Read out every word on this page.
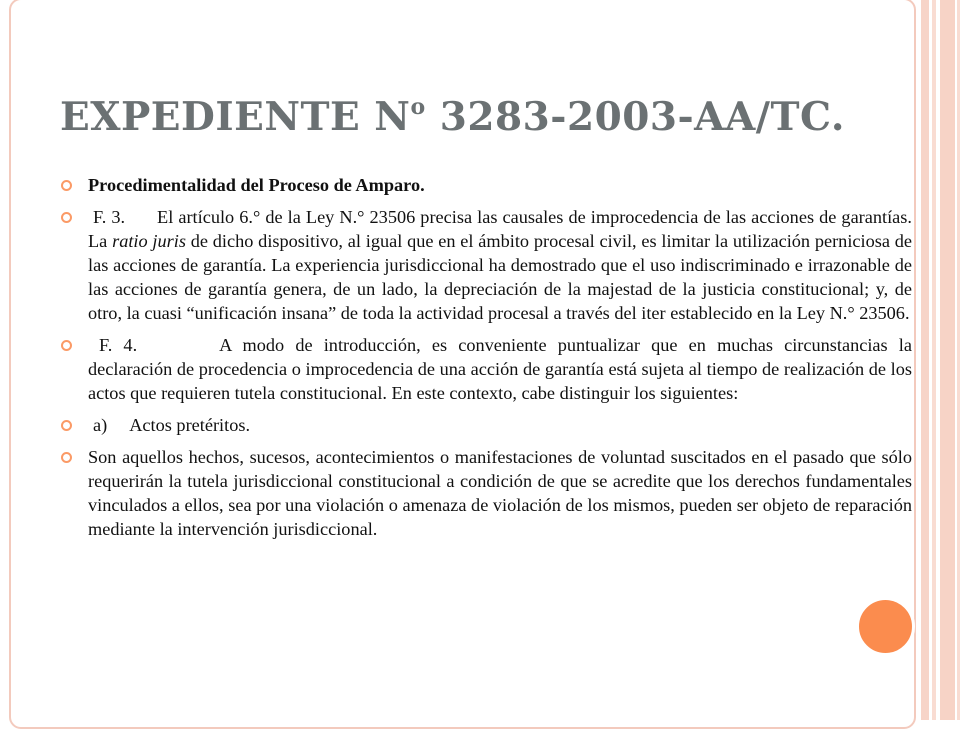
EXPEDIENTE $N^o$ 3283-2003-AA/TC.
Procedimentalidad del Proceso de Amparo.
F. 3. El artículo 6.° de la Ley N.° 23506 precisa las causales de improcedencia de las acciones de garantías. La ratio juris de dicho dispositivo, al igual que en el ámbito procesal civil, es limitar la utilización perniciosa de las acciones de garantía. La experiencia jurisdiccional ha demostrado que el uso indiscriminado e irrazonable de las acciones de garantía genera, de un lado, la depreciación de la majestad de la justicia constitucional; y, de otro, la cuasi “unificación insana” de toda la actividad procesal a través del iter establecido en la Ley N.° 23506.
F. 4.	A modo de introducción, es conveniente puntualizar que en muchas circunstancias la declaración de procedencia o improcedencia de una acción de garantía está sujeta al tiempo de realización de los actos que requieren tutela constitucional. En este contexto, cabe distinguir los siguientes:
a) Actos pretéritos.
Son aquellos hechos, sucesos, acontecimientos o manifestaciones de voluntad suscitados en el pasado que sólo requerirán la tutela jurisdiccional constitucional a condición de que se acredite que los derechos fundamentales vinculados a ellos, sea por una violación o amenaza de violación de los mismos, pueden ser objeto de reparación mediante la intervención jurisdiccional.
